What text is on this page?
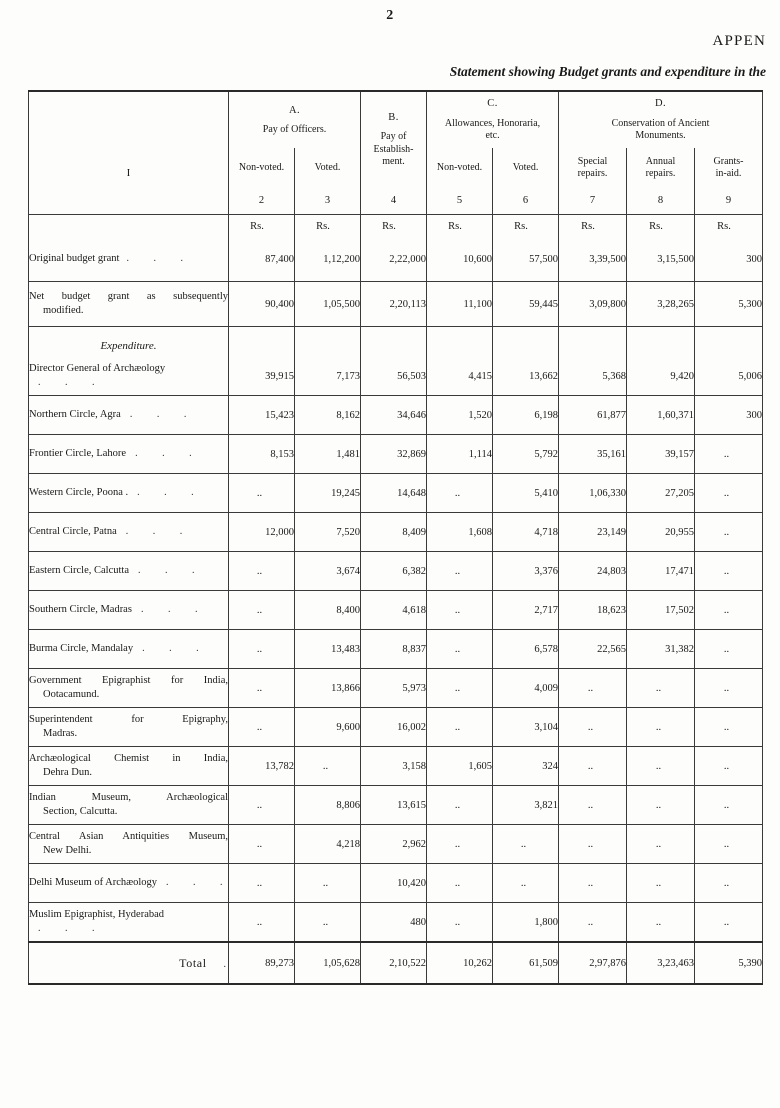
2
APPEN
Statement showing Budget grants and expenditure in the
I	A.
Pay of Officers.		B.
Pay of
Establish-
ment.	C.
Allowances, Honoraria,
etc.		D.
Conservation of Ancient
Monuments.		

	Non-voted.	Voted.		Non-voted.	Voted.	Special
repairs.	Annual
repairs.	Grants-
in-aid.
	2	3	4	5	6	7	8	9
	Rs.	Rs.	Rs.	Rs.	Rs.	Rs.	Rs.	Rs.
Original budget grant  .     .     .	87,400	1,12,200	2,22,000	10,600	57,500	3,39,500	3,15,500	300

Net budget grant as subsequently
modified.	90,400	1,05,500	2,20,113	11,100	59,445	3,09,800	3,28,265	5,300

Expenditure.								

Director General of Archæology  .     .     .	39,915	7,173	56,503	4,415	13,662	5,368	9,420	5,006
Northern Circle, Agra  .     .     .	15,423	8,162	34,646	1,520	6,198	61,877	1,60,371	300
Frontier Circle, Lahore  .     .     .	8,153	1,481	32,869	1,114	5,792	35,161	39,157	..
Western Circle, Poona .  .     .     .	..	19,245	14,648	..	5,410	1,06,330	27,205	..
Central Circle, Patna  .     .     .	12,000	7,520	8,409	1,608	4,718	23,149	20,955	..
Eastern Circle, Calcutta  .     .     .	..	3,674	6,382	..	3,376	24,803	17,471	..
Southern Circle, Madras  .     .     .	..	8,400	4,618	..	2,717	18,623	17,502	..
Burma Circle, Mandalay  .     .     .	..	13,483	8,837	..	6,578	22,565	31,382	..

Government Epigraphist for India,
Ootacamund.	..	13,866	5,973	..	4,009	..	..	..

Superintendent for Epigraphy,
Madras.	..	9,600	16,002	..	3,104	..	..	..

Archæological Chemist in India,
Dehra Dun.	13,782	..	3,158	1,605	324	..	..	..

Indian Museum, Archæological
Section, Calcutta.	..	8,806	13,615	..	3,821	..	..	..

Central Asian Antiquities Museum,
New Delhi.	..	4,218	2,962	..	..	..	..	..
Delhi Museum of Archæology  .     .     .	..	..	10,420	..	..	..	..	..
Muslim Epigraphist, Hyderabad  .     .     .	..	..	480	..	1,800	..	..	..
Total    .	89,273	1,05,628	2,10,522	10,262	61,509	2,97,876	3,23,463	5,390
